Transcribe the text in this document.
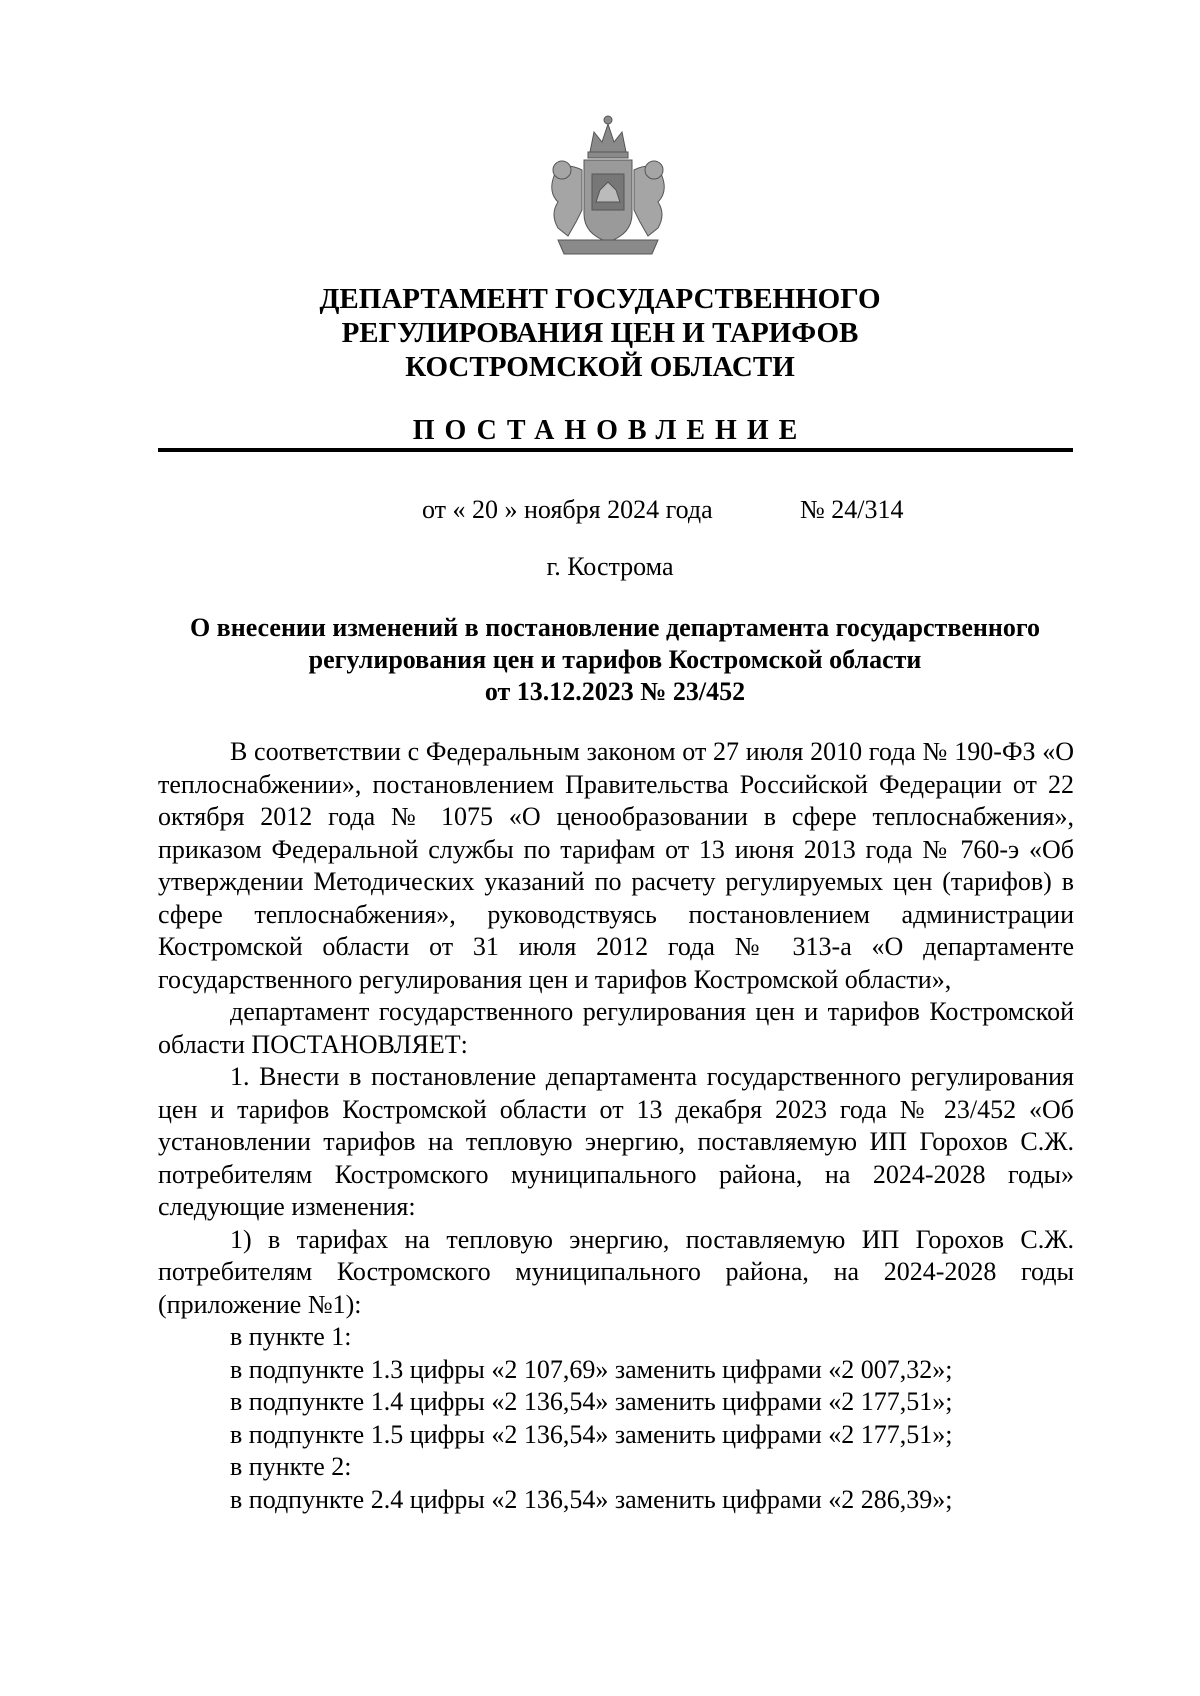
ДЕПАРТАМЕНТ ГОСУДАРСТВЕННОГО
РЕГУЛИРОВАНИЯ ЦЕН И ТАРИФОВ
КОСТРОМСКОЙ ОБЛАСТИ
ПОСТАНОВЛЕНИЕ
от « 20 » ноября 2024 года	№ 24/314
г. Кострома
О внесении изменений в постановление департамента государственного
регулирования цен и тарифов Костромской области
от 13.12.2023 № 23/452

В соответствии с Федеральным законом от 27 июля 2010 года № 190-ФЗ «О теплоснабжении», постановлением Правительства Российской Федерации от 22 октября 2012 года № 1075 «О ценообразовании в сфере теплоснабжения», приказом Федеральной службы по тарифам от 13 июня 2013 года № 760-э «Об утверждении Методических указаний по расчету регулируемых цен (тарифов) в сфере теплоснабжения», руководствуясь постановлением администрации Костромской области от 31 июля 2012 года № 313-а «О департаменте государственного регулирования цен и тарифов Костромской области»,

департамент государственного регулирования цен и тарифов Костромской области ПОСТАНОВЛЯЕТ:

1. Внести в постановление департамента государственного регулирования цен и тарифов Костромской области от 13 декабря 2023 года № 23/452 «Об установлении тарифов на тепловую энергию, поставляемую ИП Горохов С.Ж. потребителям Костромского муниципального района, на 2024-2028 годы» следующие изменения:

1) в тарифах на тепловую энергию, поставляемую ИП Горохов С.Ж. потребителям Костромского муниципального района, на 2024-2028 годы (приложение №1):

в пункте 1:

в подпункте 1.3 цифры «2 107,69» заменить цифрами «2 007,32»;

в подпункте 1.4 цифры «2 136,54» заменить цифрами «2 177,51»;

в подпункте 1.5 цифры «2 136,54» заменить цифрами «2 177,51»;

в пункте 2:

в подпункте 2.4 цифры «2 136,54» заменить цифрами «2 286,39»;
